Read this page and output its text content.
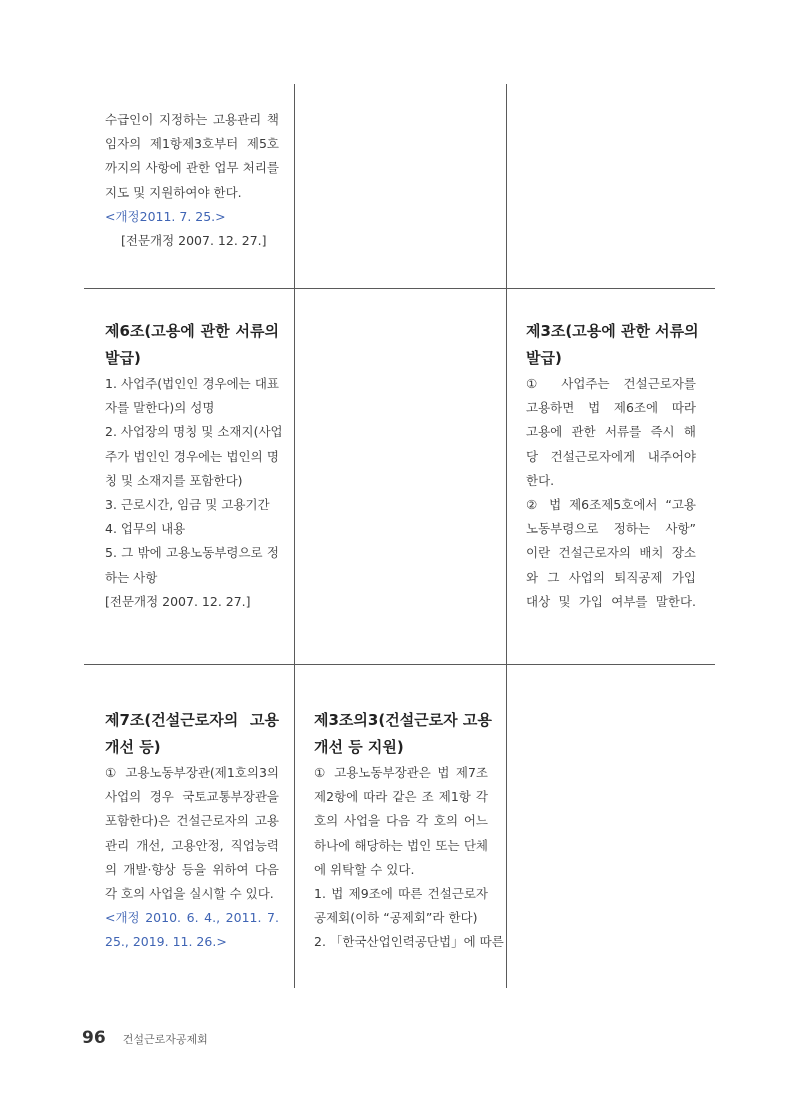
수급인이 지정하는 고용관리 책

임자의 제1항제3호부터 제5호

까지의 사항에 관한 업무 처리를

지도 및 지원하여야 한다.

<개정2011. 7. 25.>

[전문개정 2007. 12. 27.]

제6조(고용에 관한 서류의

발급)

1. 사업주(법인인 경우에는 대표

자를 말한다)의 성명

2. 사업장의 명칭 및 소재지(사업

주가 법인인 경우에는 법인의 명

칭 및 소재지를 포함한다)

3. 근로시간, 임금 및 고용기간

4. 업무의 내용

5. 그 밖에 고용노동부령으로 정

하는 사항

[전문개정 2007. 12. 27.]

제3조(고용에 관한 서류의

발급)

① 사업주는 건설근로자를

고용하면 법 제6조에 따라

고용에 관한 서류를 즉시 해

당 건설근로자에게 내주어야

한다.

② 법 제6조제5호에서 “고용

노동부령으로 정하는 사항”

이란 건설근로자의 배치 장소

와 그 사업의 퇴직공제 가입

대상 및 가입 여부를 말한다.

제7조(건설근로자의 고용

개선 등)

① 고용노동부장관(제1호의3의

사업의 경우 국토교통부장관을

포함한다)은 건설근로자의 고용

관리 개선, 고용안정, 직업능력

의 개발·향상 등을 위하여 다음

각 호의 사업을 실시할 수 있다.

<개정 2010. 6. 4., 2011. 7.

25., 2019. 11. 26.>

제3조의3(건설근로자 고용

개선 등 지원)

① 고용노동부장관은 법 제7조

제2항에 따라 같은 조 제1항 각

호의 사업을 다음 각 호의 어느

하나에 해당하는 법인 또는 단체

에 위탁할 수 있다.

1. 법 제9조에 따른 건설근로자

공제회(이하 “공제회”라 한다)

2. 「한국산업인력공단법」에 따른

96 건설근로자공제회
